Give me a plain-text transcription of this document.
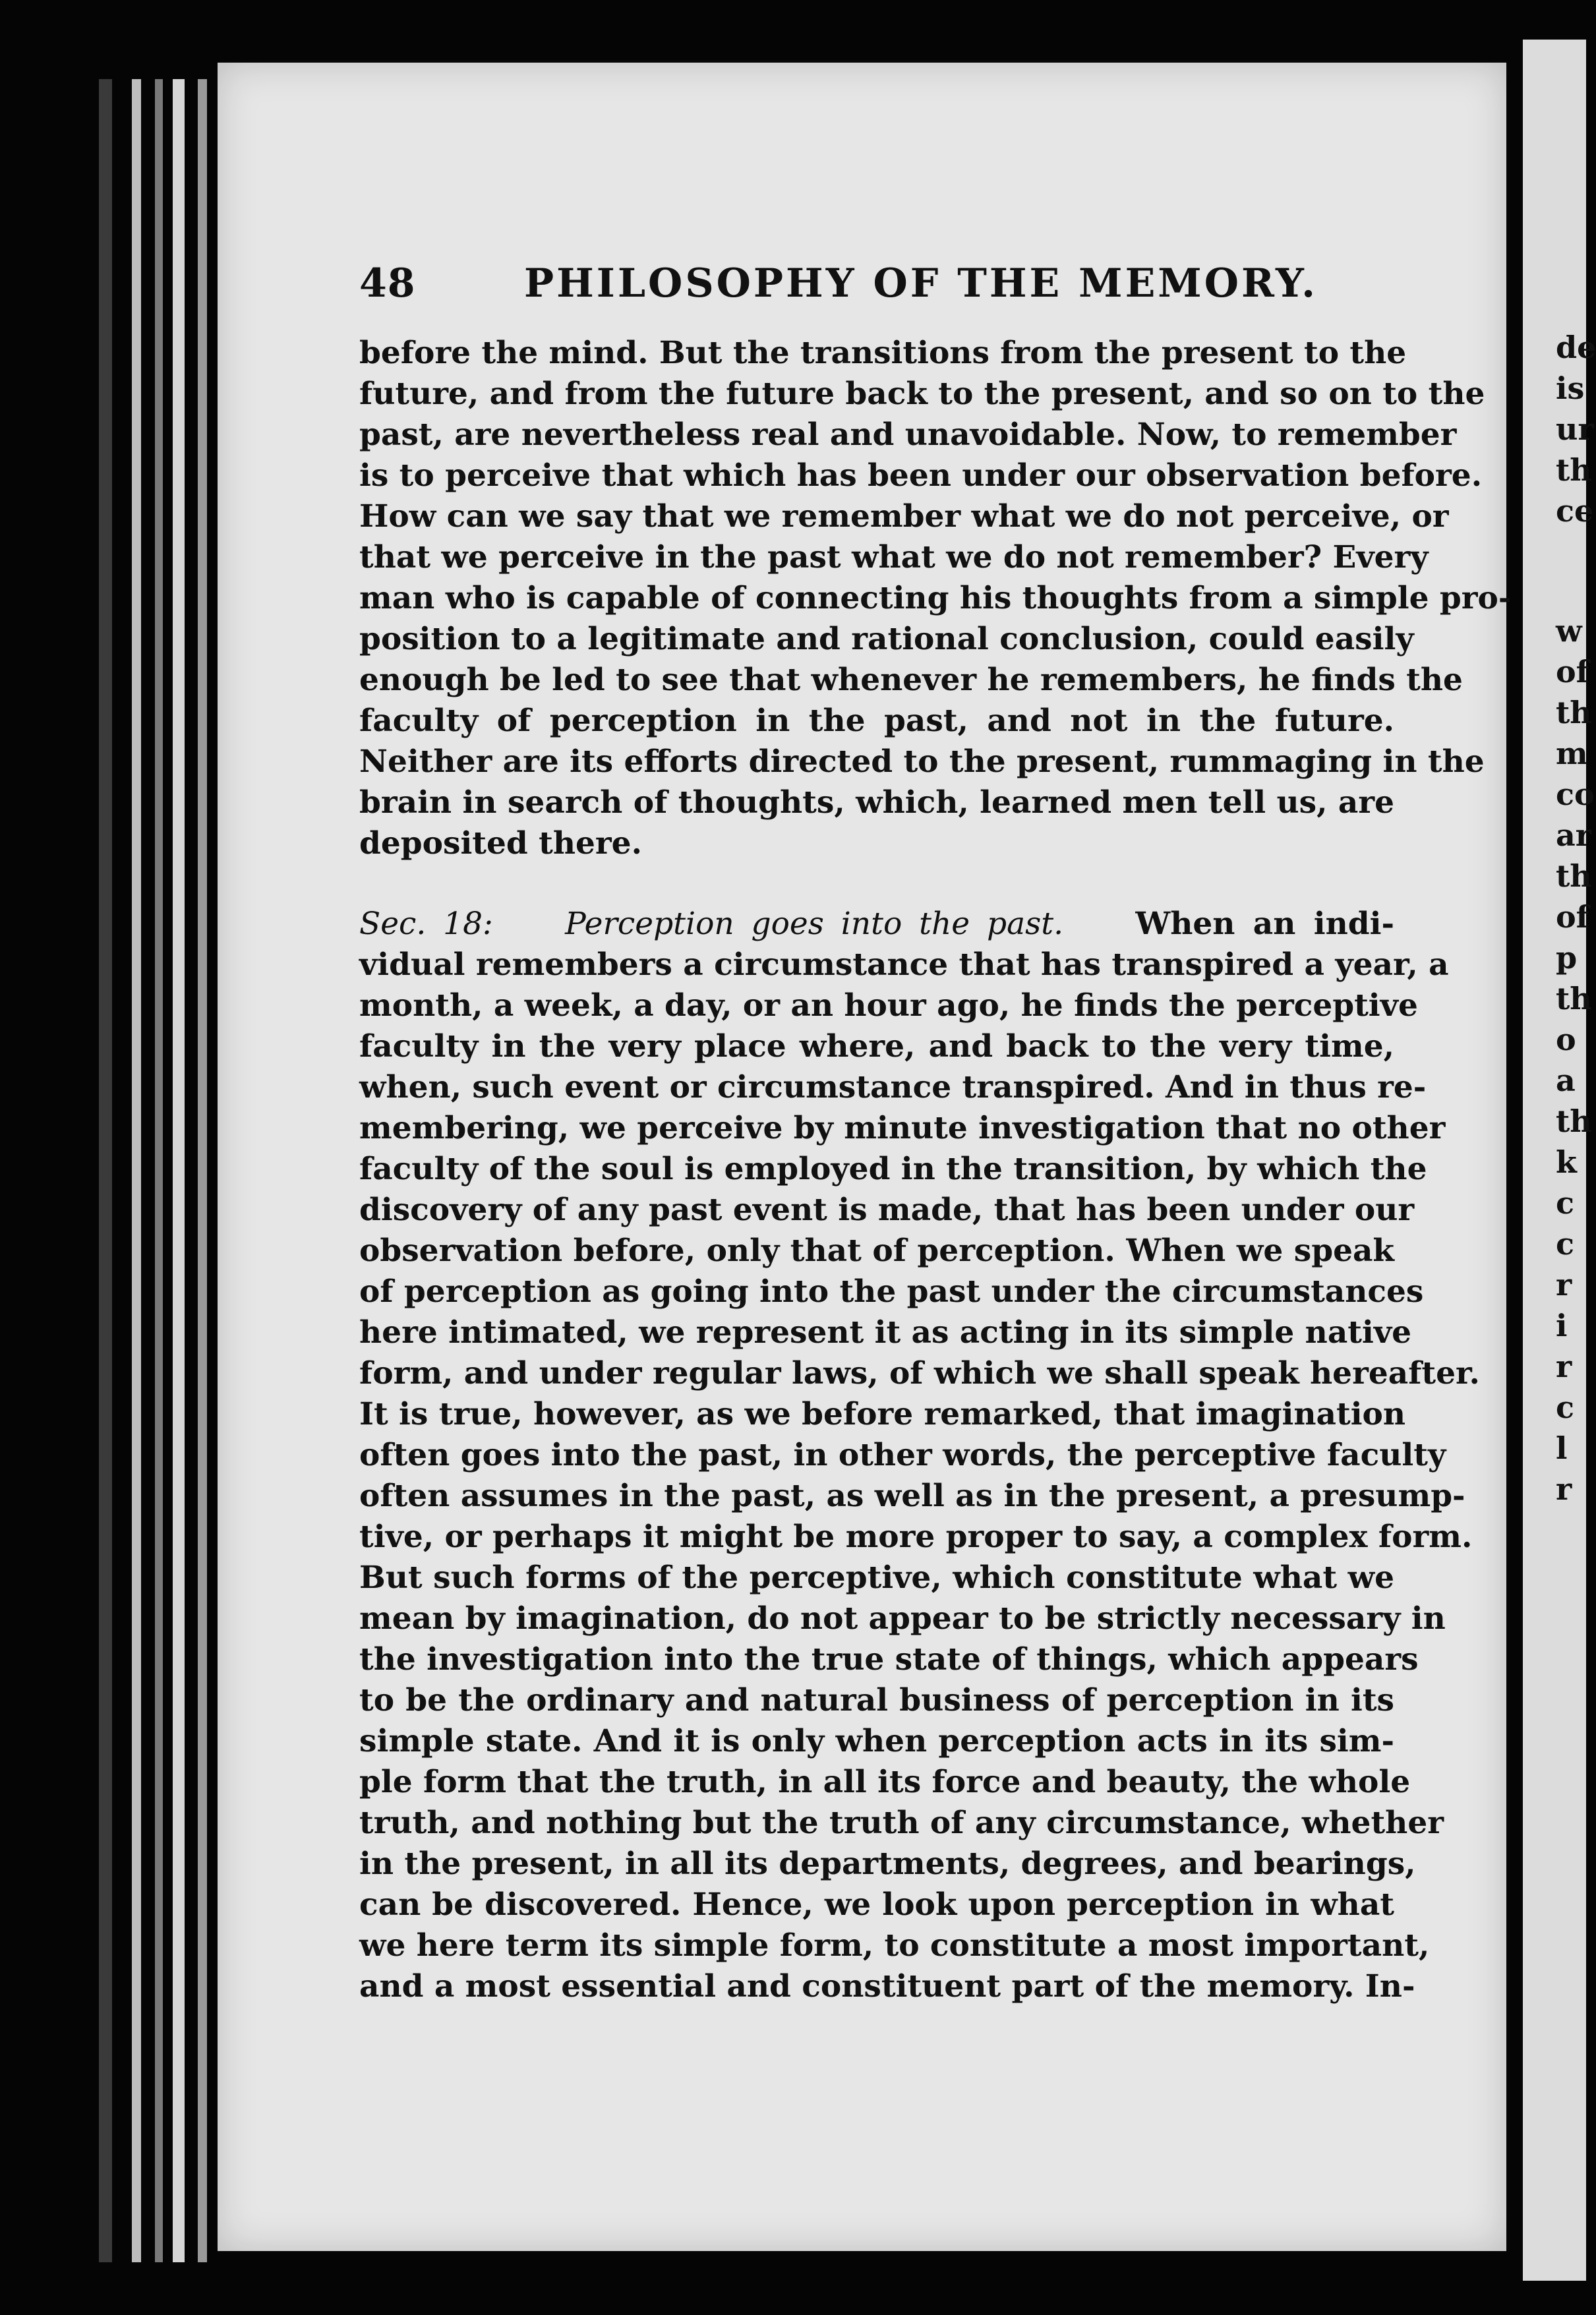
48	PHILOSOPHY OF THE MEMORY.
before the mind. But the transitions from the present to the
future, and from the future back to the present, and so on to the
past, are nevertheless real and unavoidable. Now, to remember
is to perceive that which has been under our observation before.
How can we say that we remember what we do not perceive, or
that we perceive in the past what we do not remember? Every
man who is capable of connecting his thoughts from a simple pro-
position to a legitimate and rational conclusion, could easily
enough be led to see that whenever he remembers, he finds the
faculty of perception in the past, and not in the future.
Neither are its efforts directed to the present, rummaging in the
brain in search of thoughts, which, learned men tell us, are
deposited there.
Sec. 18: Perception goes into the past. When an indi-
vidual remembers a circumstance that has transpired a year, a
month, a week, a day, or an hour ago, he finds the perceptive
faculty in the very place where, and back to the very time,
when, such event or circumstance transpired. And in thus re-
membering, we perceive by minute investigation that no other
faculty of the soul is employed in the transition, by which the
discovery of any past event is made, that has been under our
observation before, only that of perception. When we speak
of perception as going into the past under the circumstances
here intimated, we represent it as acting in its simple native
form, and under regular laws, of which we shall speak hereafter.
It is true, however, as we before remarked, that imagination
often goes into the past, in other words, the perceptive faculty
often assumes in the past, as well as in the present, a presump-
tive, or perhaps it might be more proper to say, a complex form.
But such forms of the perceptive, which constitute what we
mean by imagination, do not appear to be strictly necessary in
the investigation into the true state of things, which appears
to be the ordinary and natural business of perception in its
simple state. And it is only when perception acts in its sim-
ple form that the truth, in all its force and beauty, the whole
truth, and nothing but the truth of any circumstance, whether
in the present, in all its departments, degrees, and bearings,
can be discovered. Hence, we look upon perception in what
we here term its simple form, to constitute a most important,
and a most essential and constituent part of the memory. In-
de
is
ur
th
ce
w
of
th
m
co
ar
th
of
p
th
o
a
th
k
c
c
r
i
r
c
l
r
